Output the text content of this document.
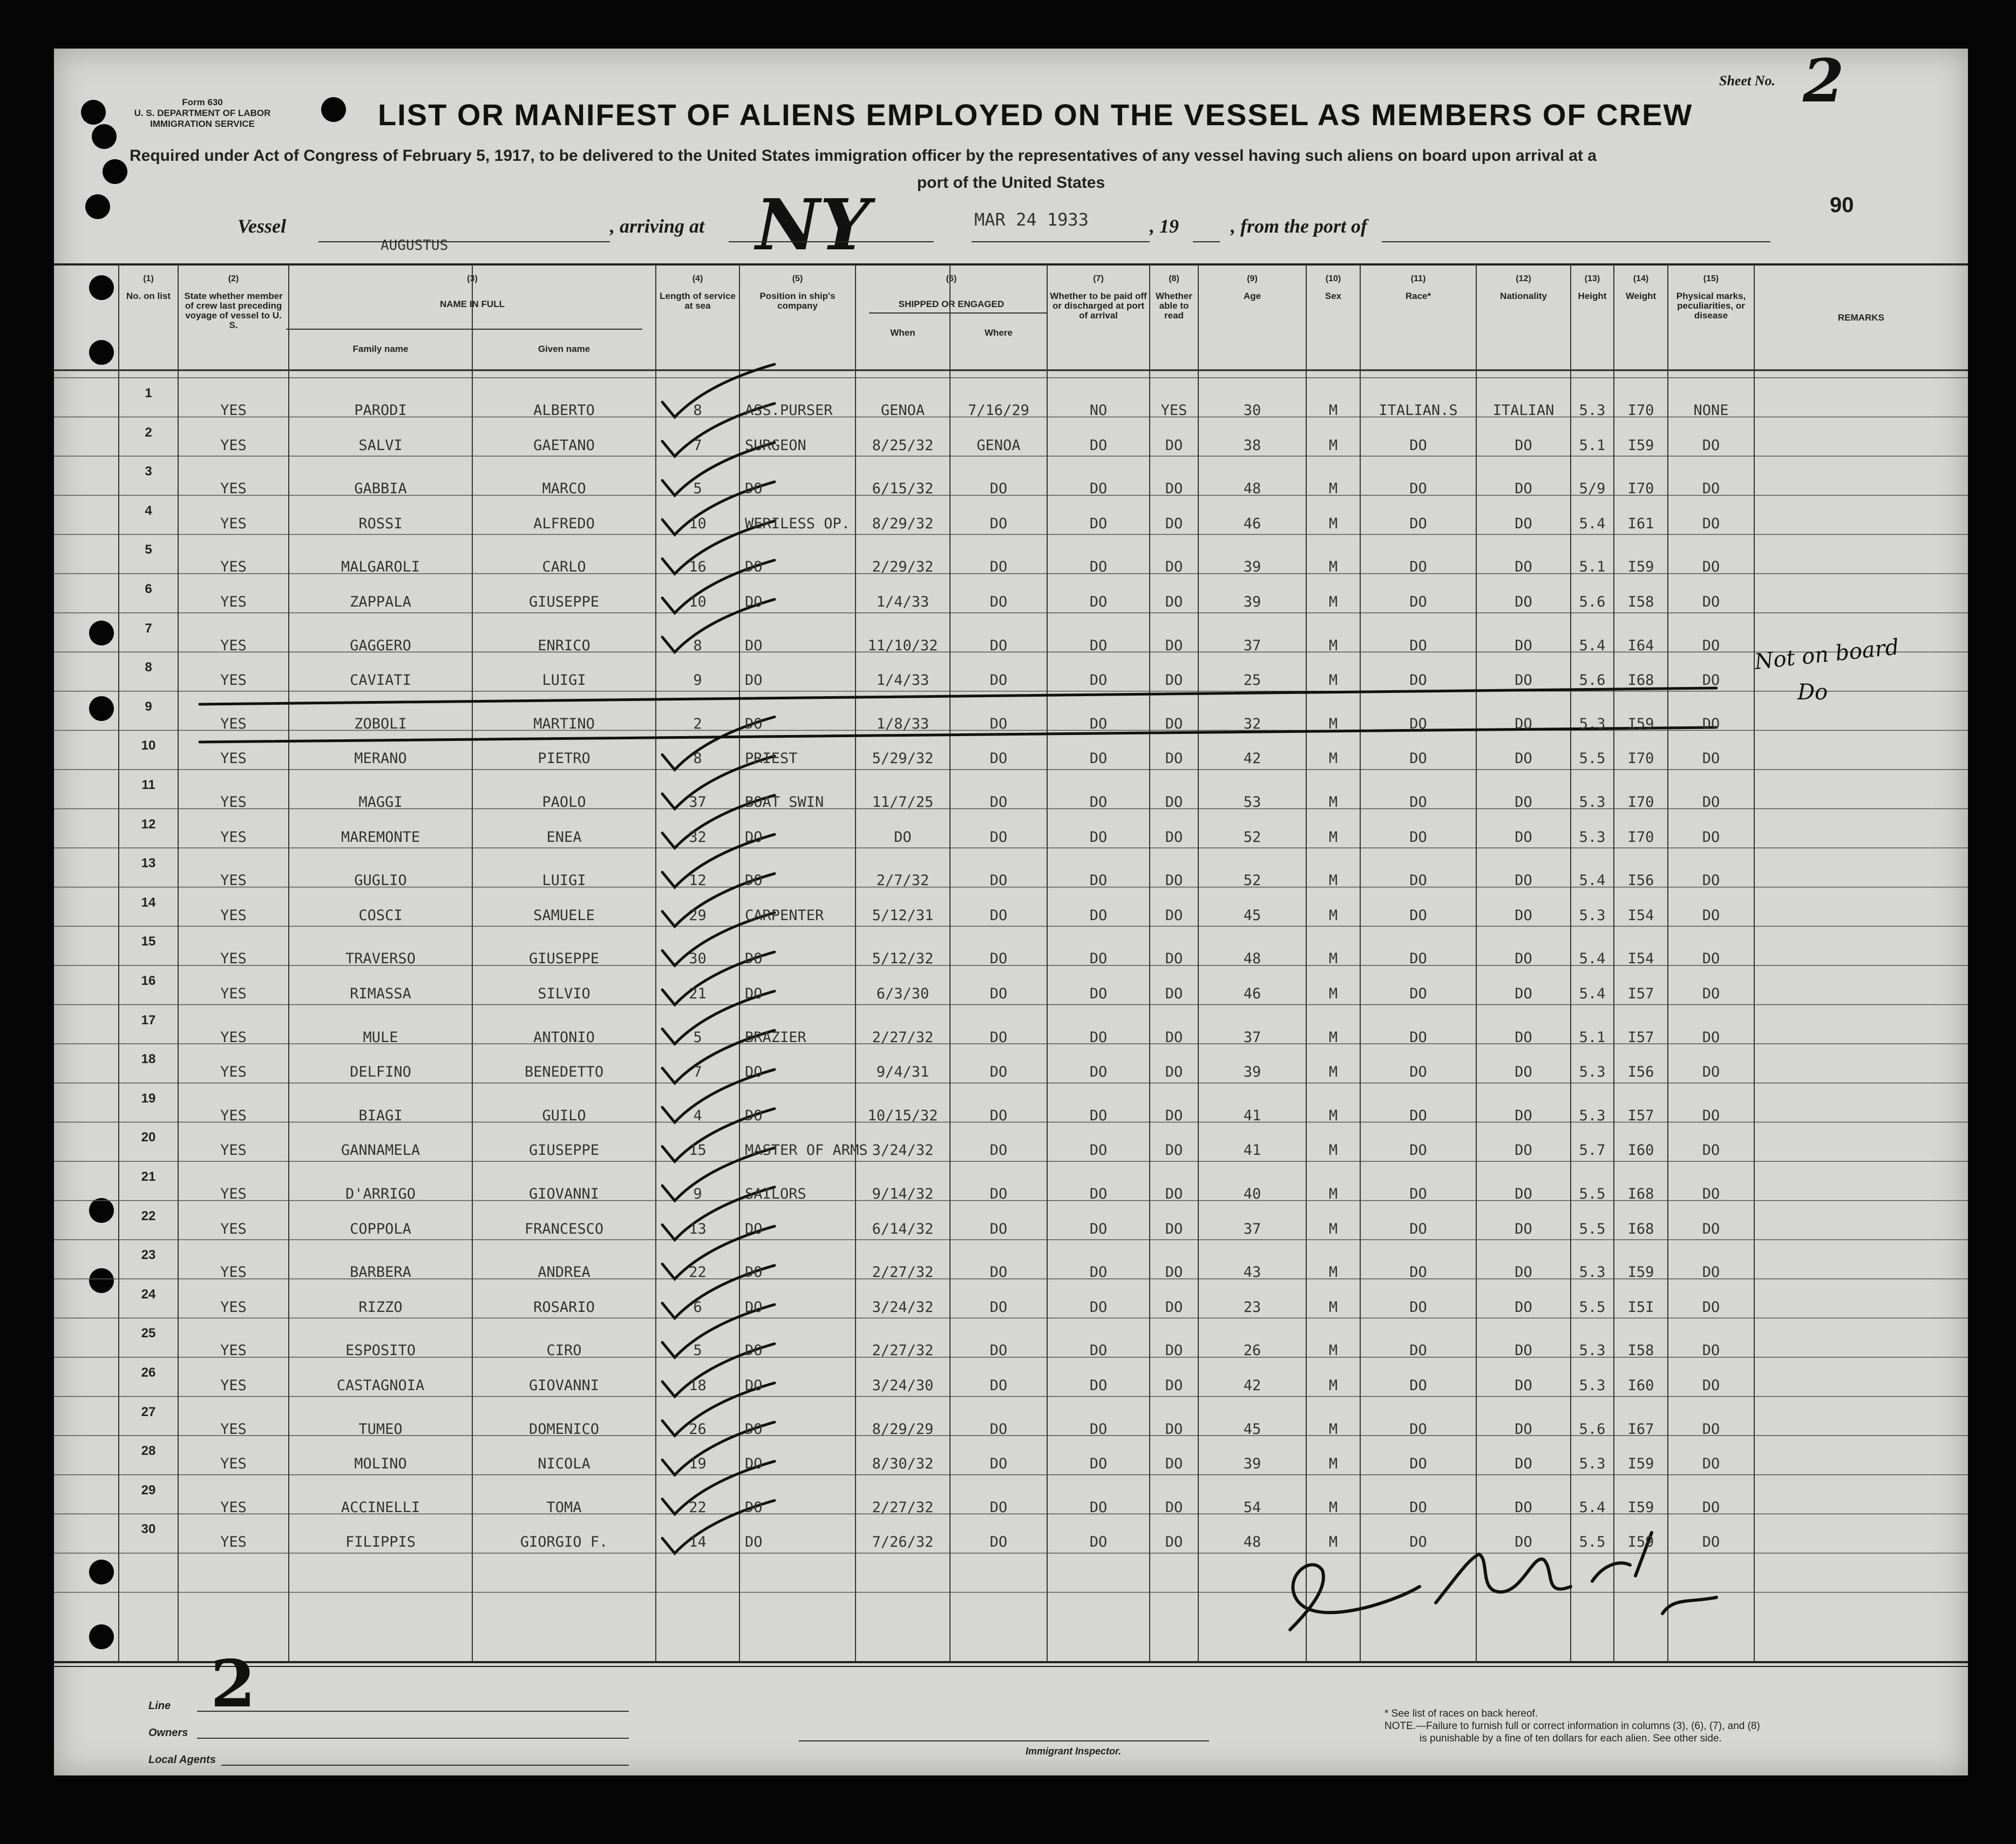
Form 630
U. S. DEPARTMENT OF LABOR
IMMIGRATION SERVICE
Sheet No. 2
LIST OR MANIFEST OF ALIENS EMPLOYED ON THE VESSEL AS MEMBERS OF CREW
Required under Act of Congress of February 5, 1917, to be delivered to the United States immigration officer by the representatives of any vessel having such aliens on board upon arrival at a
port of the United States
90
Vessel
AUGUSTUS
, arriving at NY	MAR 24 1933	, 19	, from the port of
(1)
No. on list
(2)
State whether member of crew last preceding voyage of vessel to U. S.
(3)
NAME IN FULL
(4)
Length of service at sea
(5)
Position in ship's company
(6)
SHIPPED OR ENGAGED
(7)
Whether to be paid off or discharged at port of arrival
(8)
Whether able to read
(9)
Age
(10)
Sex
(11)
Race*
(12)
Nationality
(13)
Height
(14)
Weight
(15)
Physical marks, peculiarities, or disease	REMARKS
Family name	Given name
When	Where
1
YES	PARODI	ALBERTO	8	ASS.PURSER	GENOA	7/16/29	NO	YES	30	M	ITALIAN.S	ITALIAN	5.3	I70	NONE
2
YES	SALVI	GAETANO	7	SURGEON	8/25/32	GENOA	DO	DO	38	M	DO	DO	5.1	I59	DO
3
YES	GABBIA	MARCO	5	DO	6/15/32	DO	DO	DO	48	M	DO	DO	5/9	I70	DO
4
YES	ROSSI	ALFREDO	10	WERILESS OP.	8/29/32	DO	DO	DO	46	M	DO	DO	5.4	I61	DO
5
YES	MALGAROLI	CARLO	16	DO	2/29/32	DO	DO	DO	39	M	DO	DO	5.1	I59	DO
6
YES	ZAPPALA	GIUSEPPE	10	DO	1/4/33	DO	DO	DO	39	M	DO	DO	5.6	I58	DO
7
YES	GAGGERO	ENRICO	8	DO	11/10/32	DO	DO	DO	37	M	DO	DO	5.4	I64	DO
8
YES	CAVIATI	LUIGI	9	DO	1/4/33	DO	DO	DO	25	M	DO	DO	5.6	I68	DO
9
YES	ZOBOLI	MARTINO	2	DO	1/8/33	DO	DO	DO	32	M	DO	DO	5.3	I59	DO
10
YES	MERANO	PIETRO	8	PRIEST	5/29/32	DO	DO	DO	42	M	DO	DO	5.5	I70	DO
11
YES	MAGGI	PAOLO	37	BOAT SWIN	11/7/25	DO	DO	DO	53	M	DO	DO	5.3	I70	DO
12
YES	MAREMONTE	ENEA	32	DO	DO	DO	DO	DO	52	M	DO	DO	5.3	I70	DO
13
YES	GUGLIO	LUIGI	12	DO	2/7/32	DO	DO	DO	52	M	DO	DO	5.4	I56	DO
14
YES	COSCI	SAMUELE	29	CARPENTER	5/12/31	DO	DO	DO	45	M	DO	DO	5.3	I54	DO
15
YES	TRAVERSO	GIUSEPPE	30	DO	5/12/32	DO	DO	DO	48	M	DO	DO	5.4	I54	DO
16
YES	RIMASSA	SILVIO	21	DO	6/3/30	DO	DO	DO	46	M	DO	DO	5.4	I57	DO
17
YES	MULE	ANTONIO	5	BRAZIER	2/27/32	DO	DO	DO	37	M	DO	DO	5.1	I57	DO
18
YES	DELFINO	BENEDETTO	7	DO	9/4/31	DO	DO	DO	39	M	DO	DO	5.3	I56	DO
19
YES	BIAGI	GUILO	4	DO	10/15/32	DO	DO	DO	41	M	DO	DO	5.3	I57	DO
20
YES	GANNAMELA	GIUSEPPE	15	MASTER OF ARMS 3/24/32	DO	DO	DO	41	M	DO	DO	5.7	I60	DO
21
YES	D'ARRIGO	GIOVANNI	9	SAILORS	9/14/32	DO	DO	DO	40	M	DO	DO	5.5	I68	DO
22
YES	COPPOLA	FRANCESCO	13	DO	6/14/32	DO	DO	DO	37	M	DO	DO	5.5	I68	DO
23
YES	BARBERA	ANDREA	22	DO	2/27/32	DO	DO	DO	43	M	DO	DO	5.3	I59	DO
24
YES	RIZZO	ROSARIO	6	DO	3/24/32	DO	DO	DO	23	M	DO	DO	5.5	I5I	DO
25
YES	ESPOSITO	CIRO	5	DO	2/27/32	DO	DO	DO	26	M	DO	DO	5.3	I58	DO
26
YES	CASTAGNOIA	GIOVANNI	18	DO	3/24/30	DO	DO	DO	42	M	DO	DO	5.3	I60	DO
27
YES	TUMEO	DOMENICO	26	DO	8/29/29	DO	DO	DO	45	M	DO	DO	5.6	I67	DO
28
YES	MOLINO	NICOLA	19	DO	8/30/32	DO	DO	DO	39	M	DO	DO	5.3	I59	DO
29
YES	ACCINELLI	TOMA	22	DO	2/27/32	DO	DO	DO	54	M	DO	DO	5.4	I59	DO
30
YES	FILIPPIS	GIORGIO F.	14	DO	7/26/32	DO	DO	DO	48	M	DO	DO	5.5	I59	DO
Not on board
Do
Line 2
Owners
Local Agents
Immigrant Inspector.
* See list of races on back hereof.
NOTE.—Failure to furnish full or correct information in columns (3), (6), (7), and (8)
is punishable by a fine of ten dollars for each alien. See other side.
